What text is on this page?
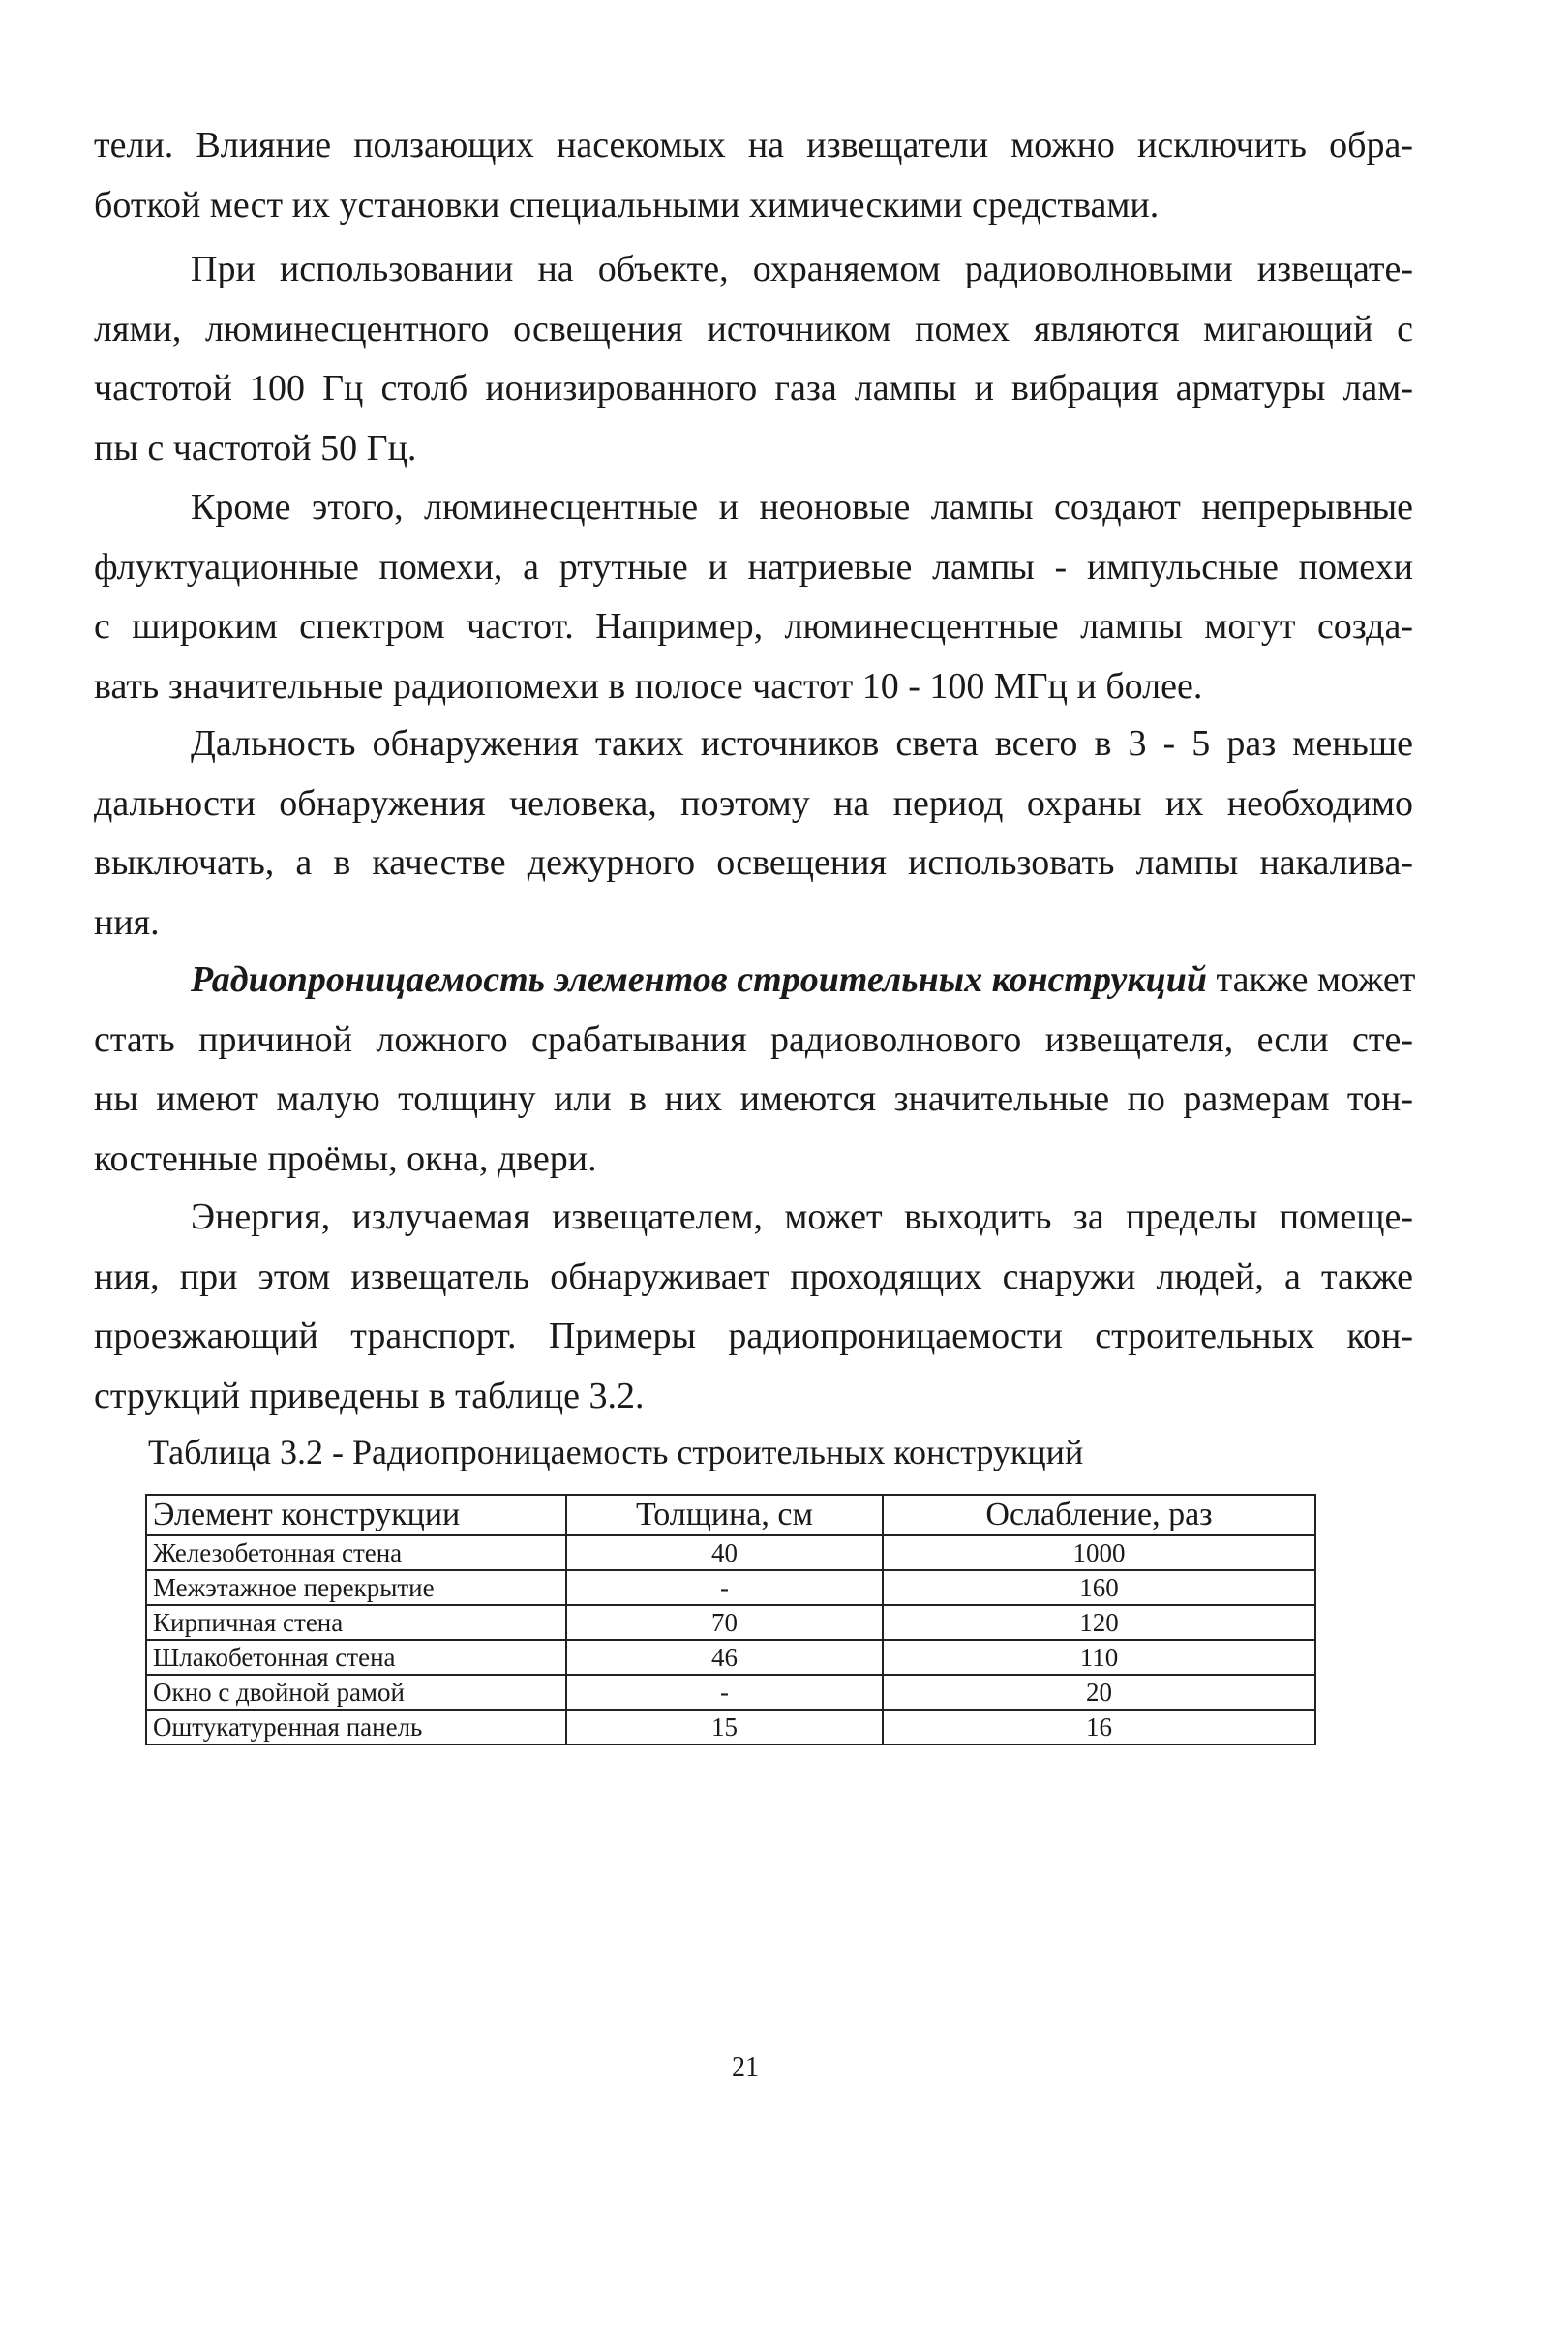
тели. Влияние ползающих насекомых на извещатели можно исключить обра-
боткой мест их установки специальными химическими средствами.
При использовании на объекте, охраняемом радиоволновыми извещате-
лями, люминесцентного освещения источником помех являются мигающий с
частотой 100 Гц столб ионизированного газа лампы и вибрация арматуры лам-
пы с частотой 50 Гц.
Кроме этого, люминесцентные и неоновые лампы создают непрерывные
флуктуационные помехи, а ртутные и натриевые лампы - импульсные помехи
с широким спектром частот. Например, люминесцентные лампы могут созда-
вать значительные радиопомехи в полосе частот 10 - 100 МГц и более.
Дальность обнаружения таких источников света всего в 3 - 5 раз меньше
дальности обнаружения человека, поэтому на период охраны их необходимо
выключать, а в качестве дежурного освещения использовать лампы накалива-
ния.
Радиопроницаемость элементов строительных конструкций также может
стать причиной ложного срабатывания радиоволнового извещателя, если сте-
ны имеют малую толщину или в них имеются значительные по размерам тон-
костенные проёмы, окна, двери.
Энергия, излучаемая извещателем, может выходить за пределы помеще-
ния, при этом извещатель обнаруживает проходящих снаружи людей, а также
проезжающий транспорт. Примеры радиопроницаемости строительных кон-
струкций приведены в таблице 3.2.
Таблица 3.2 - Радиопроницаемость строительных конструкций
Элемент конструкции	Толщина, см	Ослабление, раз
Железобетонная стена	40	1000
Межэтажное перекрытие	-	160
Кирпичная стена	70	120
Шлакобетонная стена	46	110
Окно с двойной рамой	-	20
Оштукатуренная панель	15	16
21
